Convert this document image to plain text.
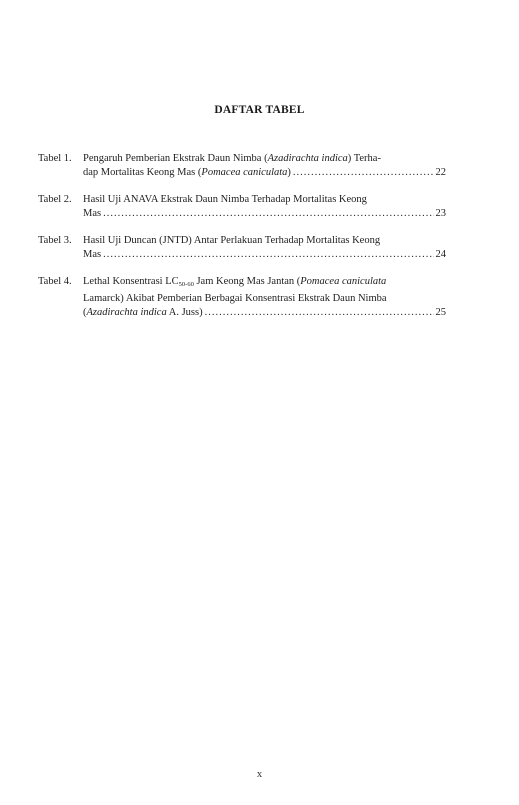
DAFTAR TABEL
Tabel 1.	Pengaruh Pemberian Ekstrak Daun Nimba (Azadirachta indica) Terha-
dap Mortalitas Keong Mas (Pomacea caniculata) .....	22
Tabel 2.	Hasil Uji ANAVA Ekstrak Daun Nimba Terhadap Mortalitas Keong
Mas .....	23
Tabel 3.	Hasil Uji Duncan (JNTD) Antar Perlakuan Terhadap Mortalitas Keong
Mas .....	24
Tabel 4.	Lethal Konsentrasi $LC_{50-60}$ Jam Keong Mas Jantan (Pomacea caniculata
Lamarck) Akibat Pemberian Berbagai Konsentrasi Ekstrak Daun Nimba
(Azadirachta indica A. Juss) .....	25
x
